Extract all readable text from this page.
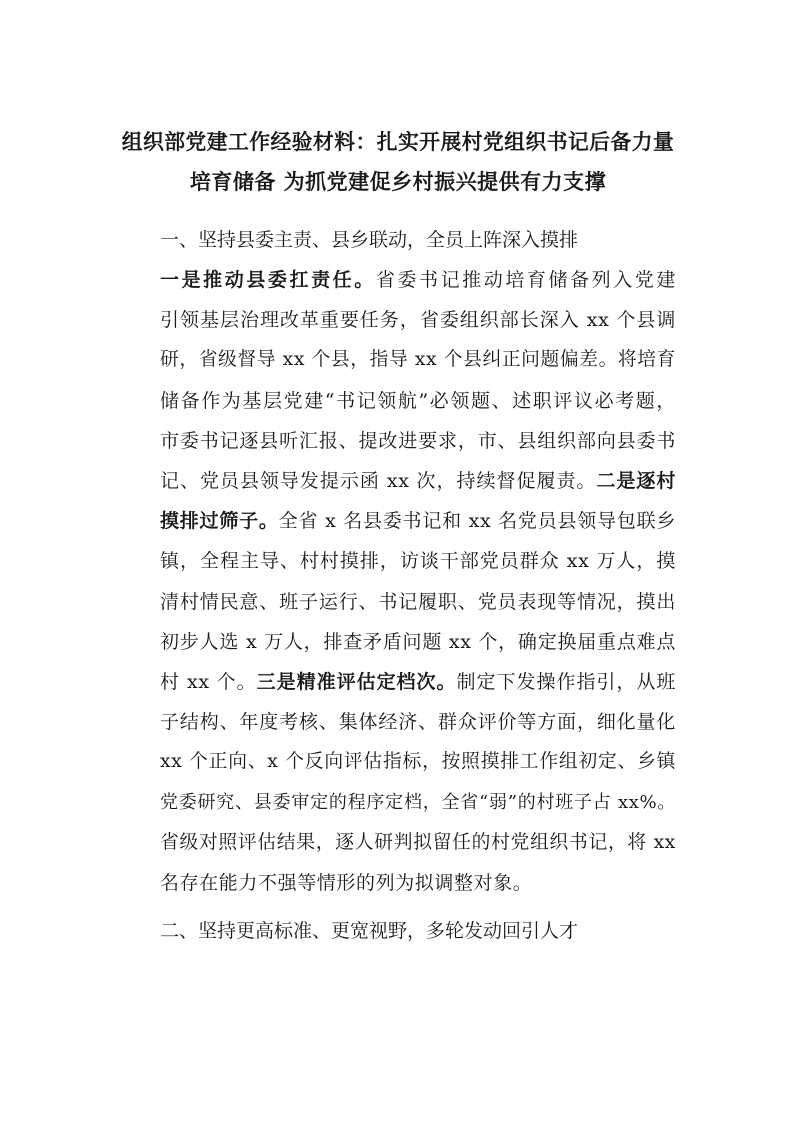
组织部党建工作经验材料：扎实开展村党组织书记后备力量
培育储备 为抓党建促乡村振兴提供有力支撑

一、坚持县委主责、县乡联动，全员上阵深入摸排

一是推动县委扛责任。省委书记推动培育储备列入党建
引领基层治理改革重要任务，省委组织部长深入 xx 个县调
研，省级督导 xx 个县，指导 xx 个县纠正问题偏差。将培育
储备作为基层党建“书记领航”必领题、述职评议必考题，
市委书记逐县听汇报、提改进要求，市、县组织部向县委书
记、党员县领导发提示函 xx 次，持续督促履责。二是逐村
摸排过筛子。全省 x 名县委书记和 xx 名党员县领导包联乡
镇，全程主导、村村摸排，访谈干部党员群众 xx 万人，摸
清村情民意、班子运行、书记履职、党员表现等情况，摸出
初步人选 x 万人，排查矛盾问题 xx 个，确定换届重点难点
村 xx 个。三是精准评估定档次。制定下发操作指引，从班
子结构、年度考核、集体经济、群众评价等方面，细化量化
xx 个正向、x 个反向评估指标，按照摸排工作组初定、乡镇
党委研究、县委审定的程序定档，全省“弱”的村班子占 xx%。
省级对照评估结果，逐人研判拟留任的村党组织书记，将 xx
名存在能力不强等情形的列为拟调整对象。

二、坚持更高标准、更宽视野，多轮发动回引人才
